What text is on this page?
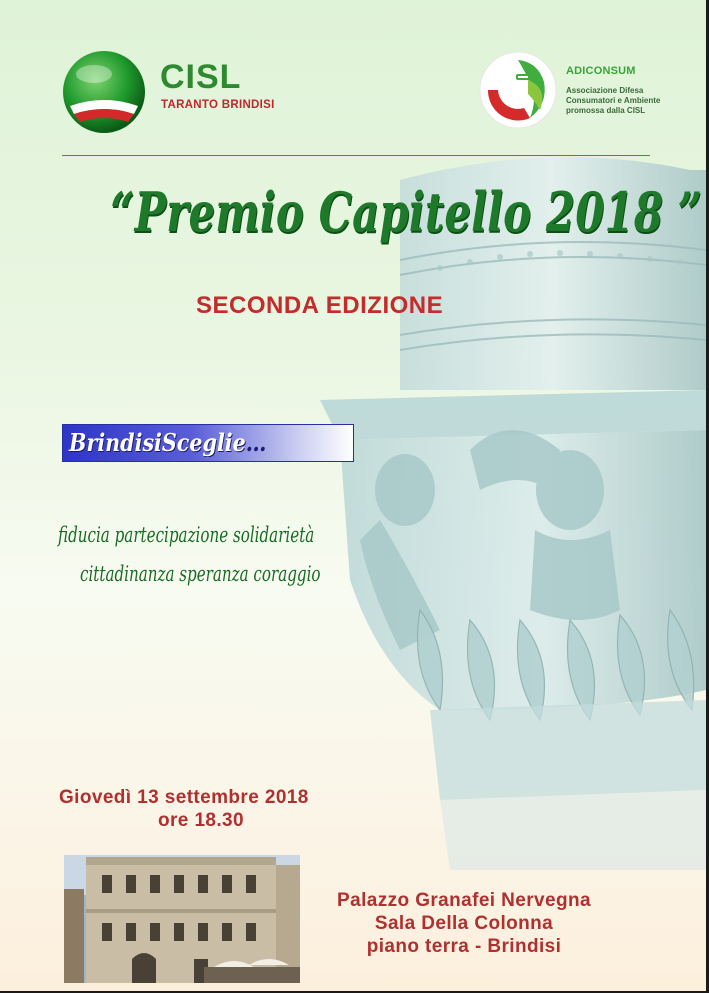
CISL
TARANTO BRINDISI
ADICONSUM
Associazione Difesa
Consumatori e Ambiente
promossa dalla CISL
“Premio Capitello 2018 ”
SECONDA EDIZIONE
BrindisiSceglie…
fiducia partecipazione solidarietà
cittadinanza speranza coraggio
Giovedì 13 settembre 2018
ore 18.30
Palazzo Granafei Nervegna
Sala Della Colonna
piano terra - Brindisi
